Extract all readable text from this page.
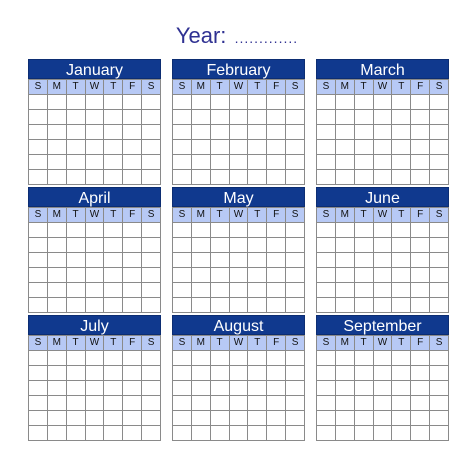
Year: .............
January
S	M	T	W	T	F	S

February
S	M	T	W	T	F	S

March
S	M	T	W	T	F	S

April
S	M	T	W	T	F	S

May
S	M	T	W	T	F	S

June
S	M	T	W	T	F	S

July
S	M	T	W	T	F	S

August
S	M	T	W	T	F	S

September
S	M	T	W	T	F	S
